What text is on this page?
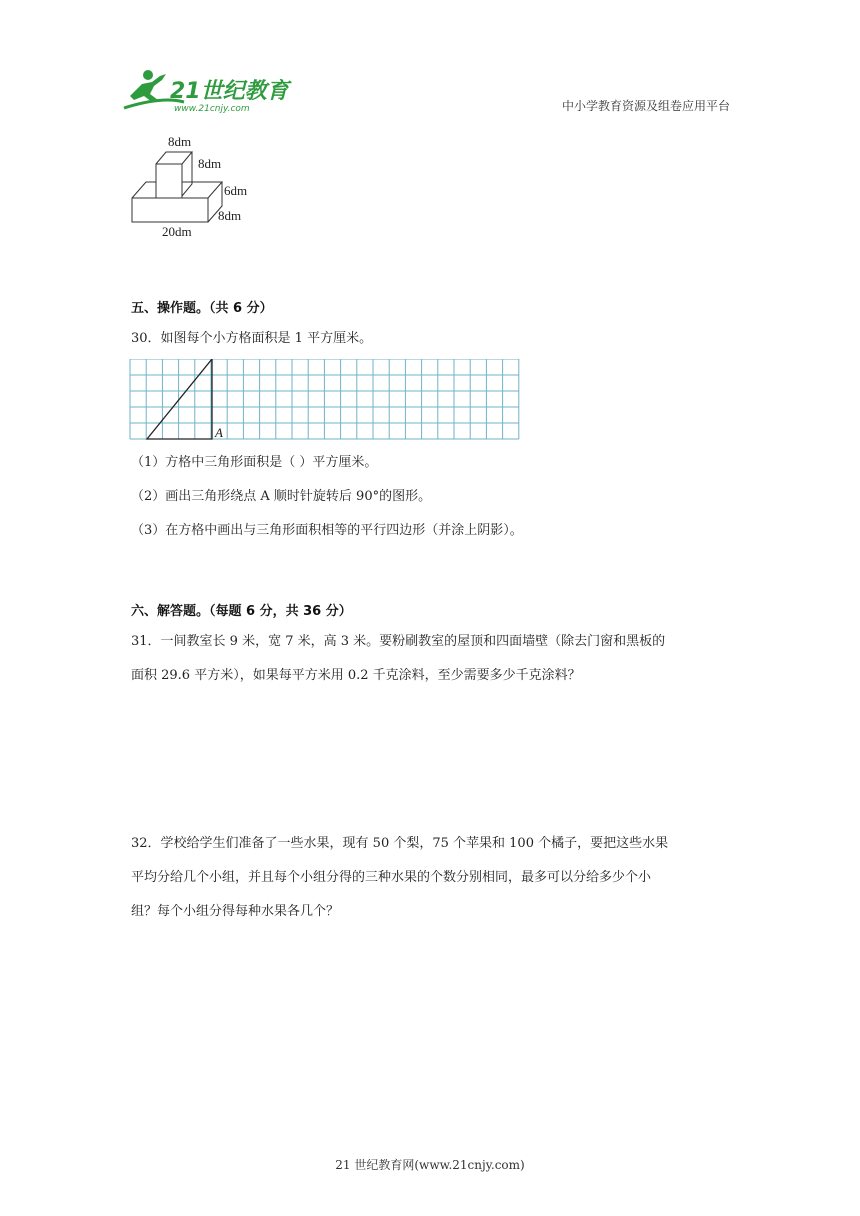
21世纪教育
www.21cnjy.com	中小学教育资源及组卷应用平台
8dm
8dm
6dm
8dm
20dm
五、操作题。（共 6 分）
30．如图每个小方格面积是 1 平方厘米。
A
（1）方格中三角形面积是（ ）平方厘米。
（2）画出三角形绕点 A 顺时针旋转后 90°的图形。
（3）在方格中画出与三角形面积相等的平行四边形（并涂上阴影）。
六、解答题。（每题 6 分，共 36 分）
31．一间教室长 9 米，宽 7 米，高 3 米。要粉刷教室的屋顶和四面墙壁（除去门窗和黑板的
面积 29.6 平方米），如果每平方米用 0.2 千克涂料，至少需要多少千克涂料？
32．学校给学生们准备了一些水果，现有 50 个梨，75 个苹果和 100 个橘子，要把这些水果
平均分给几个小组，并且每个小组分得的三种水果的个数分别相同，最多可以分给多少个小
组？每个小组分得每种水果各几个？
21 世纪教育网(www.21cnjy.com)
